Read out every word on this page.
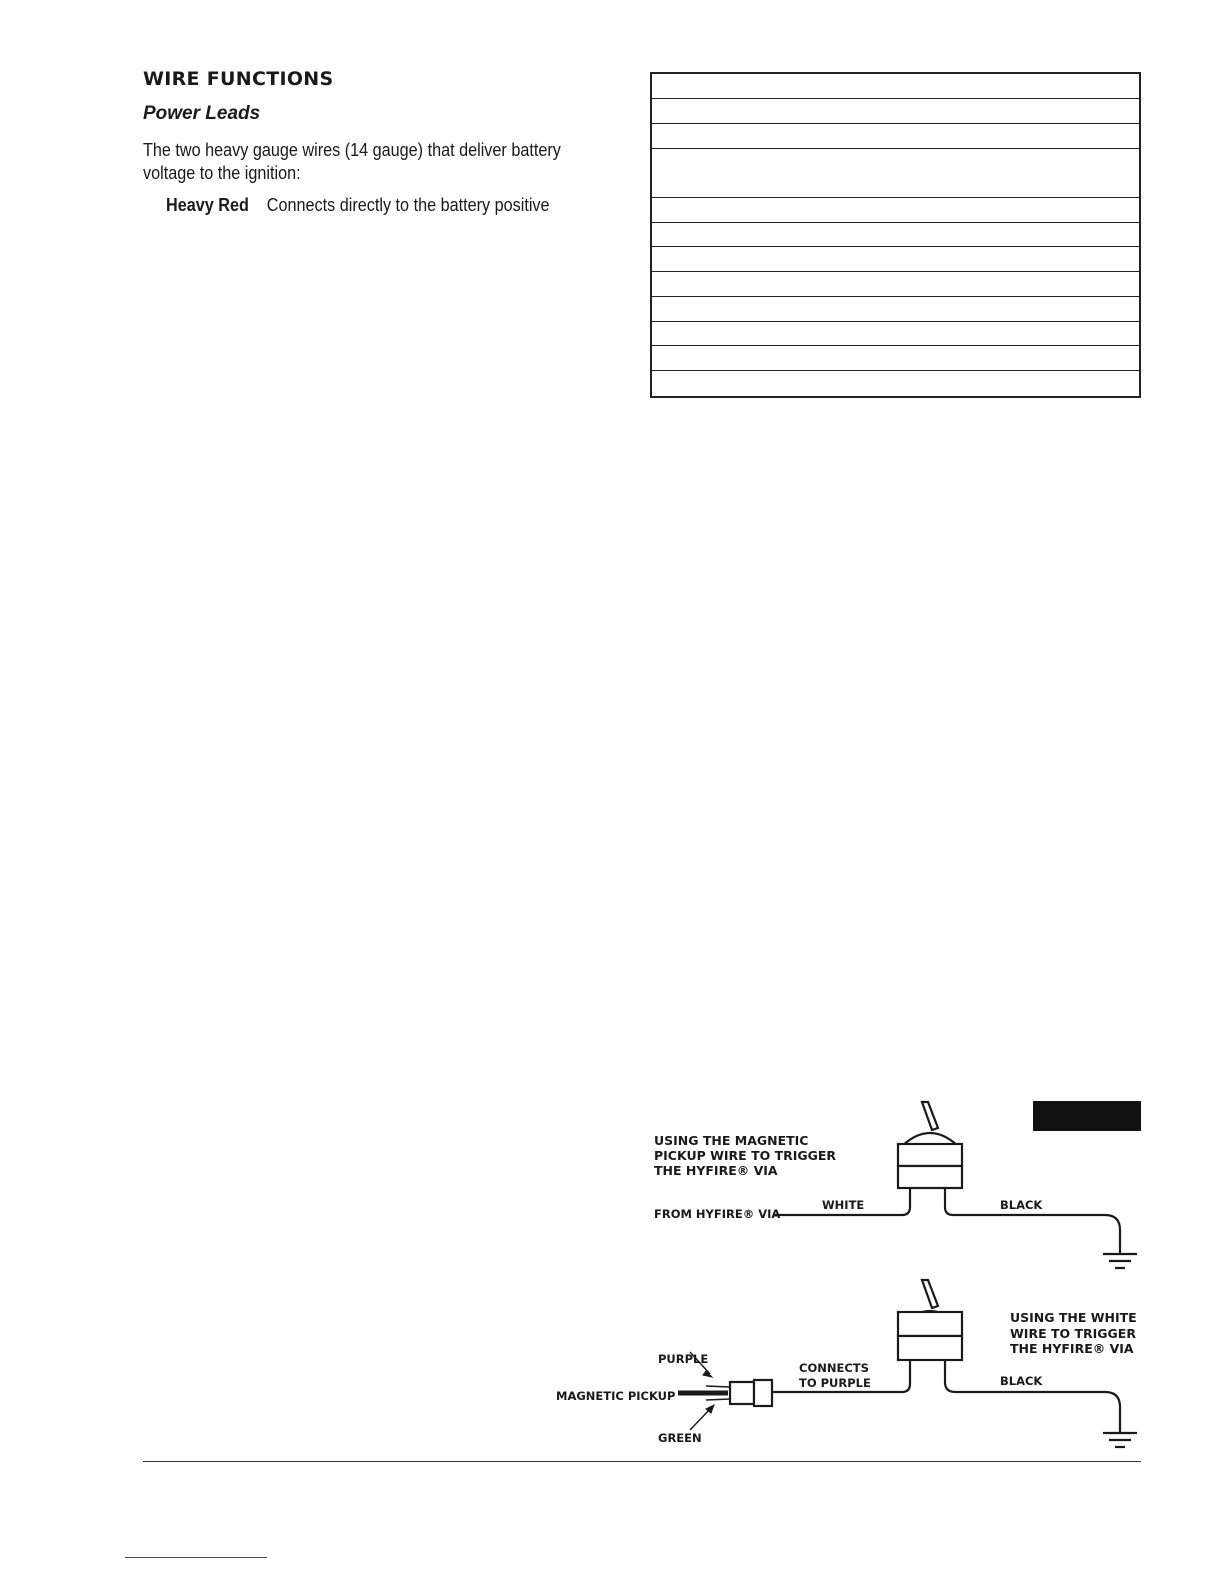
WIRE FUNCTIONS
Power Leads

The two heavy gauge wires (14 gauge) that deliver battery voltage to the ignition:

Heavy Red Connects directly to the battery positive
USING THE MAGNETIC
PICKUP WIRE TO TRIGGER
THE HYFIRE® VIA
FROM HYFIRE® VIA
WHITE	BLACK
USING THE WHITE
WIRE TO TRIGGER
THE HYFIRE® VIA
PURPLE
MAGNETIC PICKUP
GREEN
CONNECTS
TO PURPLE	BLACK
